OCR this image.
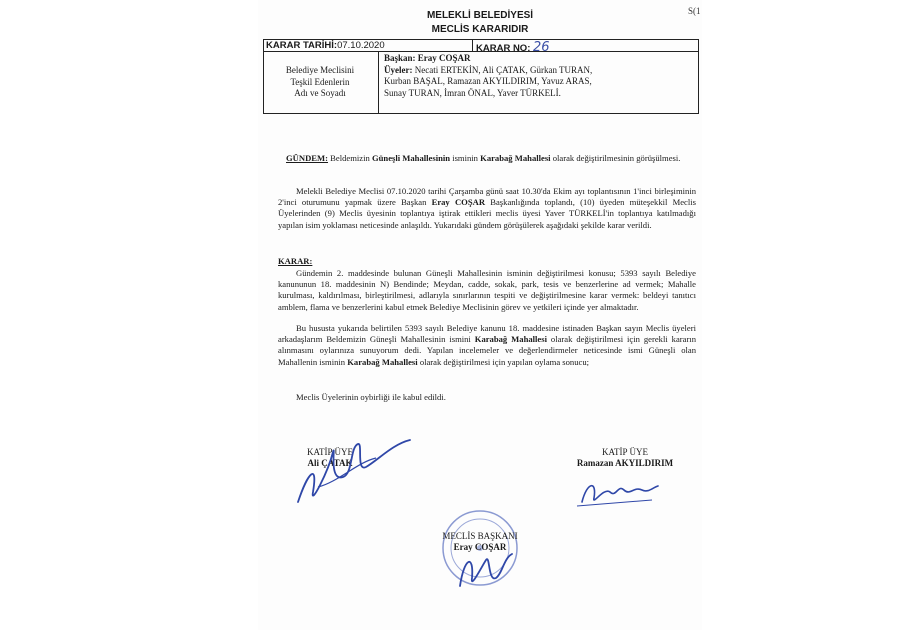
S(1
MELEKLİ BELEDİYESİ
MECLİS KARARIDIR
KARAR TARİHİ:07.10.2020	KARAR NO: 26
Belediye Meclisini
Teşkil Edenlerin
Adı ve Soyadı
Başkan: Eray COŞAR
Üyeler: Necati ERTEKİN, Ali ÇATAK, Gürkan TURAN,
Kurban BAŞAL, Ramazan AKYILDIRIM, Yavuz ARAS,
Sunay TURAN, İmran ÖNAL, Yaver TÜRKELİ.
GÜNDEM: Beldemizin Güneşli Mahallesinin isminin Karabağ Mahallesi olarak değiştirilmesinin görüşülmesi.
Melekli Belediye Meclisi 07.10.2020 tarihi Çarşamba günü saat 10.30'da Ekim ayı toplantısının 1'inci birleşiminin 2'inci oturumunu yapmak üzere Başkan Eray COŞAR Başkanlığında toplandı, (10) üyeden müteşekkil Meclis Üyelerinden (9) Meclis üyesinin toplantıya iştirak ettikleri meclis üyesi Yaver TÜRKELİ'in toplantıya katılmadığı yapılan isim yoklaması neticesinde anlaşıldı. Yukarıdaki gündem görüşülerek aşağıdaki şekilde karar verildi.
KARAR:
Gündemin 2. maddesinde bulunan Güneşli Mahallesinin isminin değiştirilmesi konusu; 5393 sayılı Belediye kanununun 18. maddesinin N) Bendinde; Meydan, cadde, sokak, park, tesis ve benzerlerine ad vermek; Mahalle kurulması, kaldırılması, birleştirilmesi, adlarıyla sınırlarının tespiti ve değiştirilmesine karar vermek: beldeyi tanıtıcı amblem, flama ve benzerlerini kabul etmek Belediye Meclisinin görev ve yetkileri içinde yer almaktadır.
Bu hususta yukarıda belirtilen 5393 sayılı Belediye kanunu 18. maddesine istinaden Başkan sayın Meclis üyeleri arkadaşlarım Beldemizin Güneşli Mahallesinin ismini Karabağ Mahallesi olarak değiştirilmesi için gerekli kararın alınmasını oylarınıza sunuyorum dedi. Yapılan incelemeler ve değerlendirmeler neticesinde ismi Güneşli olan Mahallenin isminin Karabağ Mahallesi olarak değiştirilmesi için yapılan oylama sonucu;
Meclis Üyelerinin oybirliği ile kabul edildi.
KATİP ÜYE
Ali ÇATAK
KATİP ÜYE
Ramazan AKYILDIRIM
MECLİS BAŞKANI
Eray COŞAR
